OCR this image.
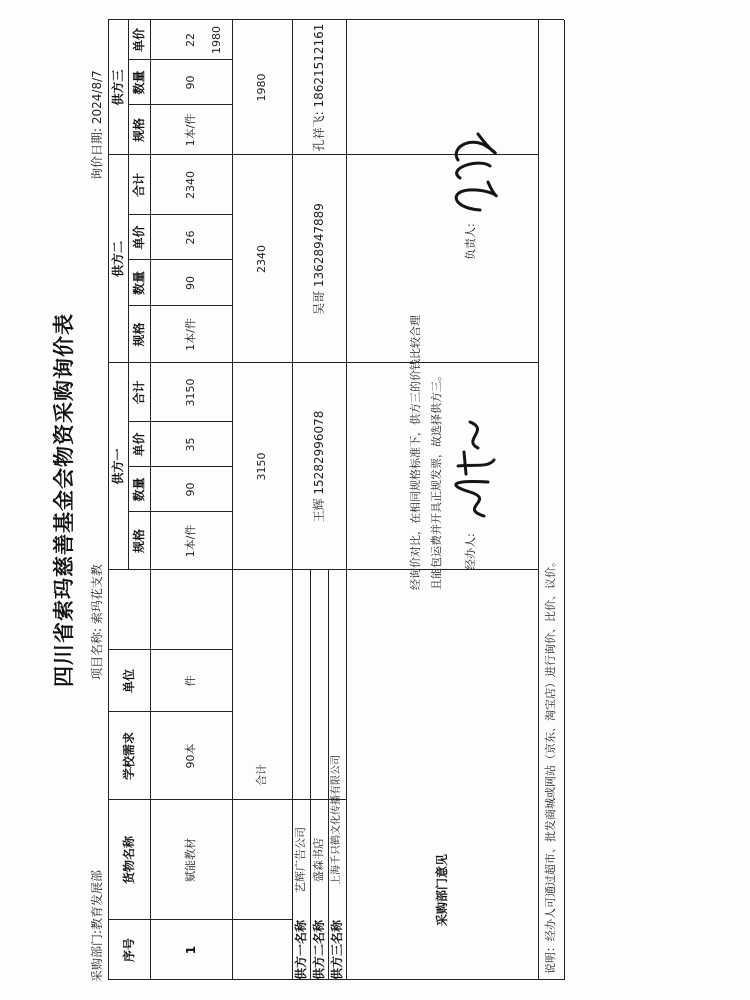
四川省索玛慈善基金会物资采购询价表
采购部门:教育发展部
项目名称: 索玛花支教
询价日期: 2024/8/7
序号
货物名称
学校需求
单位
供方一
供方二
供方三
规格
数量
单价
合计
规格
数量
单价
合计
规格
数量
单价
1
赋能教材
90本
件
1本/件
90
35
3150
1本/件
90
26
2340
1本/件
90
22	1980
合计
3150
2340
1980
供方一名称
艺辉广告公司
供方二名称
盛森书店
供方三名称
上海千只鹤文化传播有限公司
王辉 15282996078
吴哥 13628947889
孔祥飞: 18621512161
采购部门意见
经询价对比，在相同规格标准下，供方三的价钱比较合理 且能包运费并开具正规发票，故选择供方三。	经办人:
负责人:
说明：经办人可通过超市、批发商城或网站（京东、淘宝店）进行询价、比价、议价。
